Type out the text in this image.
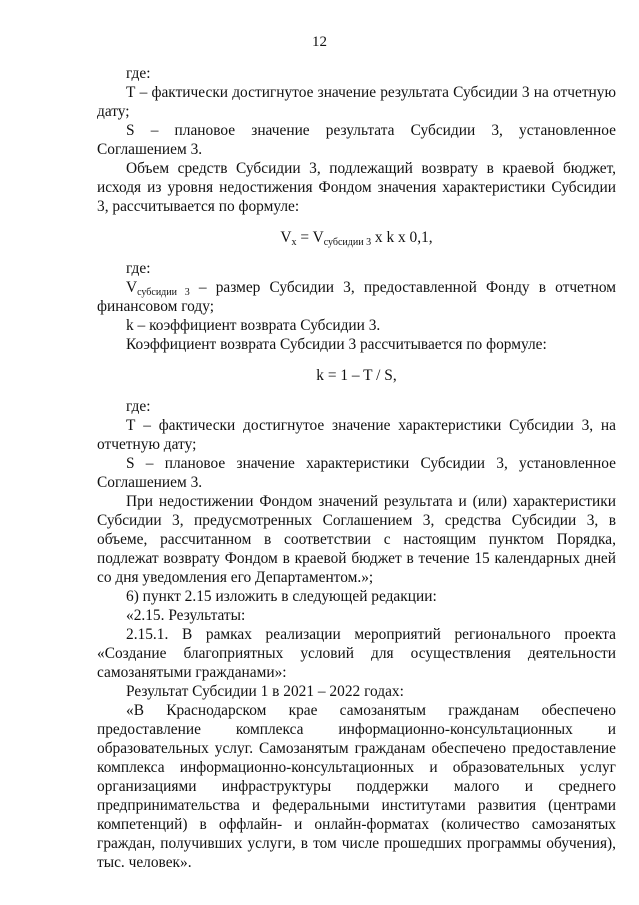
12

где:

Т – фактически достигнутое значение результата Субсидии 3 на отчетную дату;

S – плановое значение результата Субсидии 3, установленное Соглашением 3.

Объем средств Субсидии 3, подлежащий возврату в краевой бюджет, исходя из уровня недостижения Фондом значения характеристики Субсидии 3, рассчитывается по формуле:

$V_x = V_{субсидии 3}$ x k x 0,1,

где:

$V_{субсидии 3}$ – размер Субсидии 3, предоставленной Фонду в отчетном финансовом году;

k – коэффициент возврата Субсидии 3.

Коэффициент возврата Субсидии 3 рассчитывается по формуле:

k = 1 – T / S,

где:

Т – фактически достигнутое значение характеристики Субсидии 3, на отчетную дату;

S – плановое значение характеристики Субсидии 3, установленное Соглашением 3.

При недостижении Фондом значений результата и (или) характеристики Субсидии 3, предусмотренных Соглашением 3, средства Субсидии 3, в объеме, рассчитанном в соответствии с настоящим пунктом Порядка, подлежат возврату Фондом в краевой бюджет в течение 15 календарных дней со дня уведомления его Департаментом.»;

6) пункт 2.15 изложить в следующей редакции:

«2.15. Результаты:

2.15.1. В рамках реализации мероприятий регионального проекта «Создание благоприятных условий для осуществления деятельности самозанятыми гражданами»:

Результат Субсидии 1 в 2021 – 2022 годах:

«В Краснодарском крае самозанятым гражданам обеспечено предоставление комплекса информационно-консультационных и образовательных услуг. Самозанятым гражданам обеспечено предоставление комплекса информационно-консультационных и образовательных услуг организациями инфраструктуры поддержки малого и среднего предпринимательства и федеральными институтами развития (центрами компетенций) в оффлайн- и онлайн-форматах (количество самозанятых граждан, получивших услуги, в том числе прошедших программы обучения), тыс. человек».
